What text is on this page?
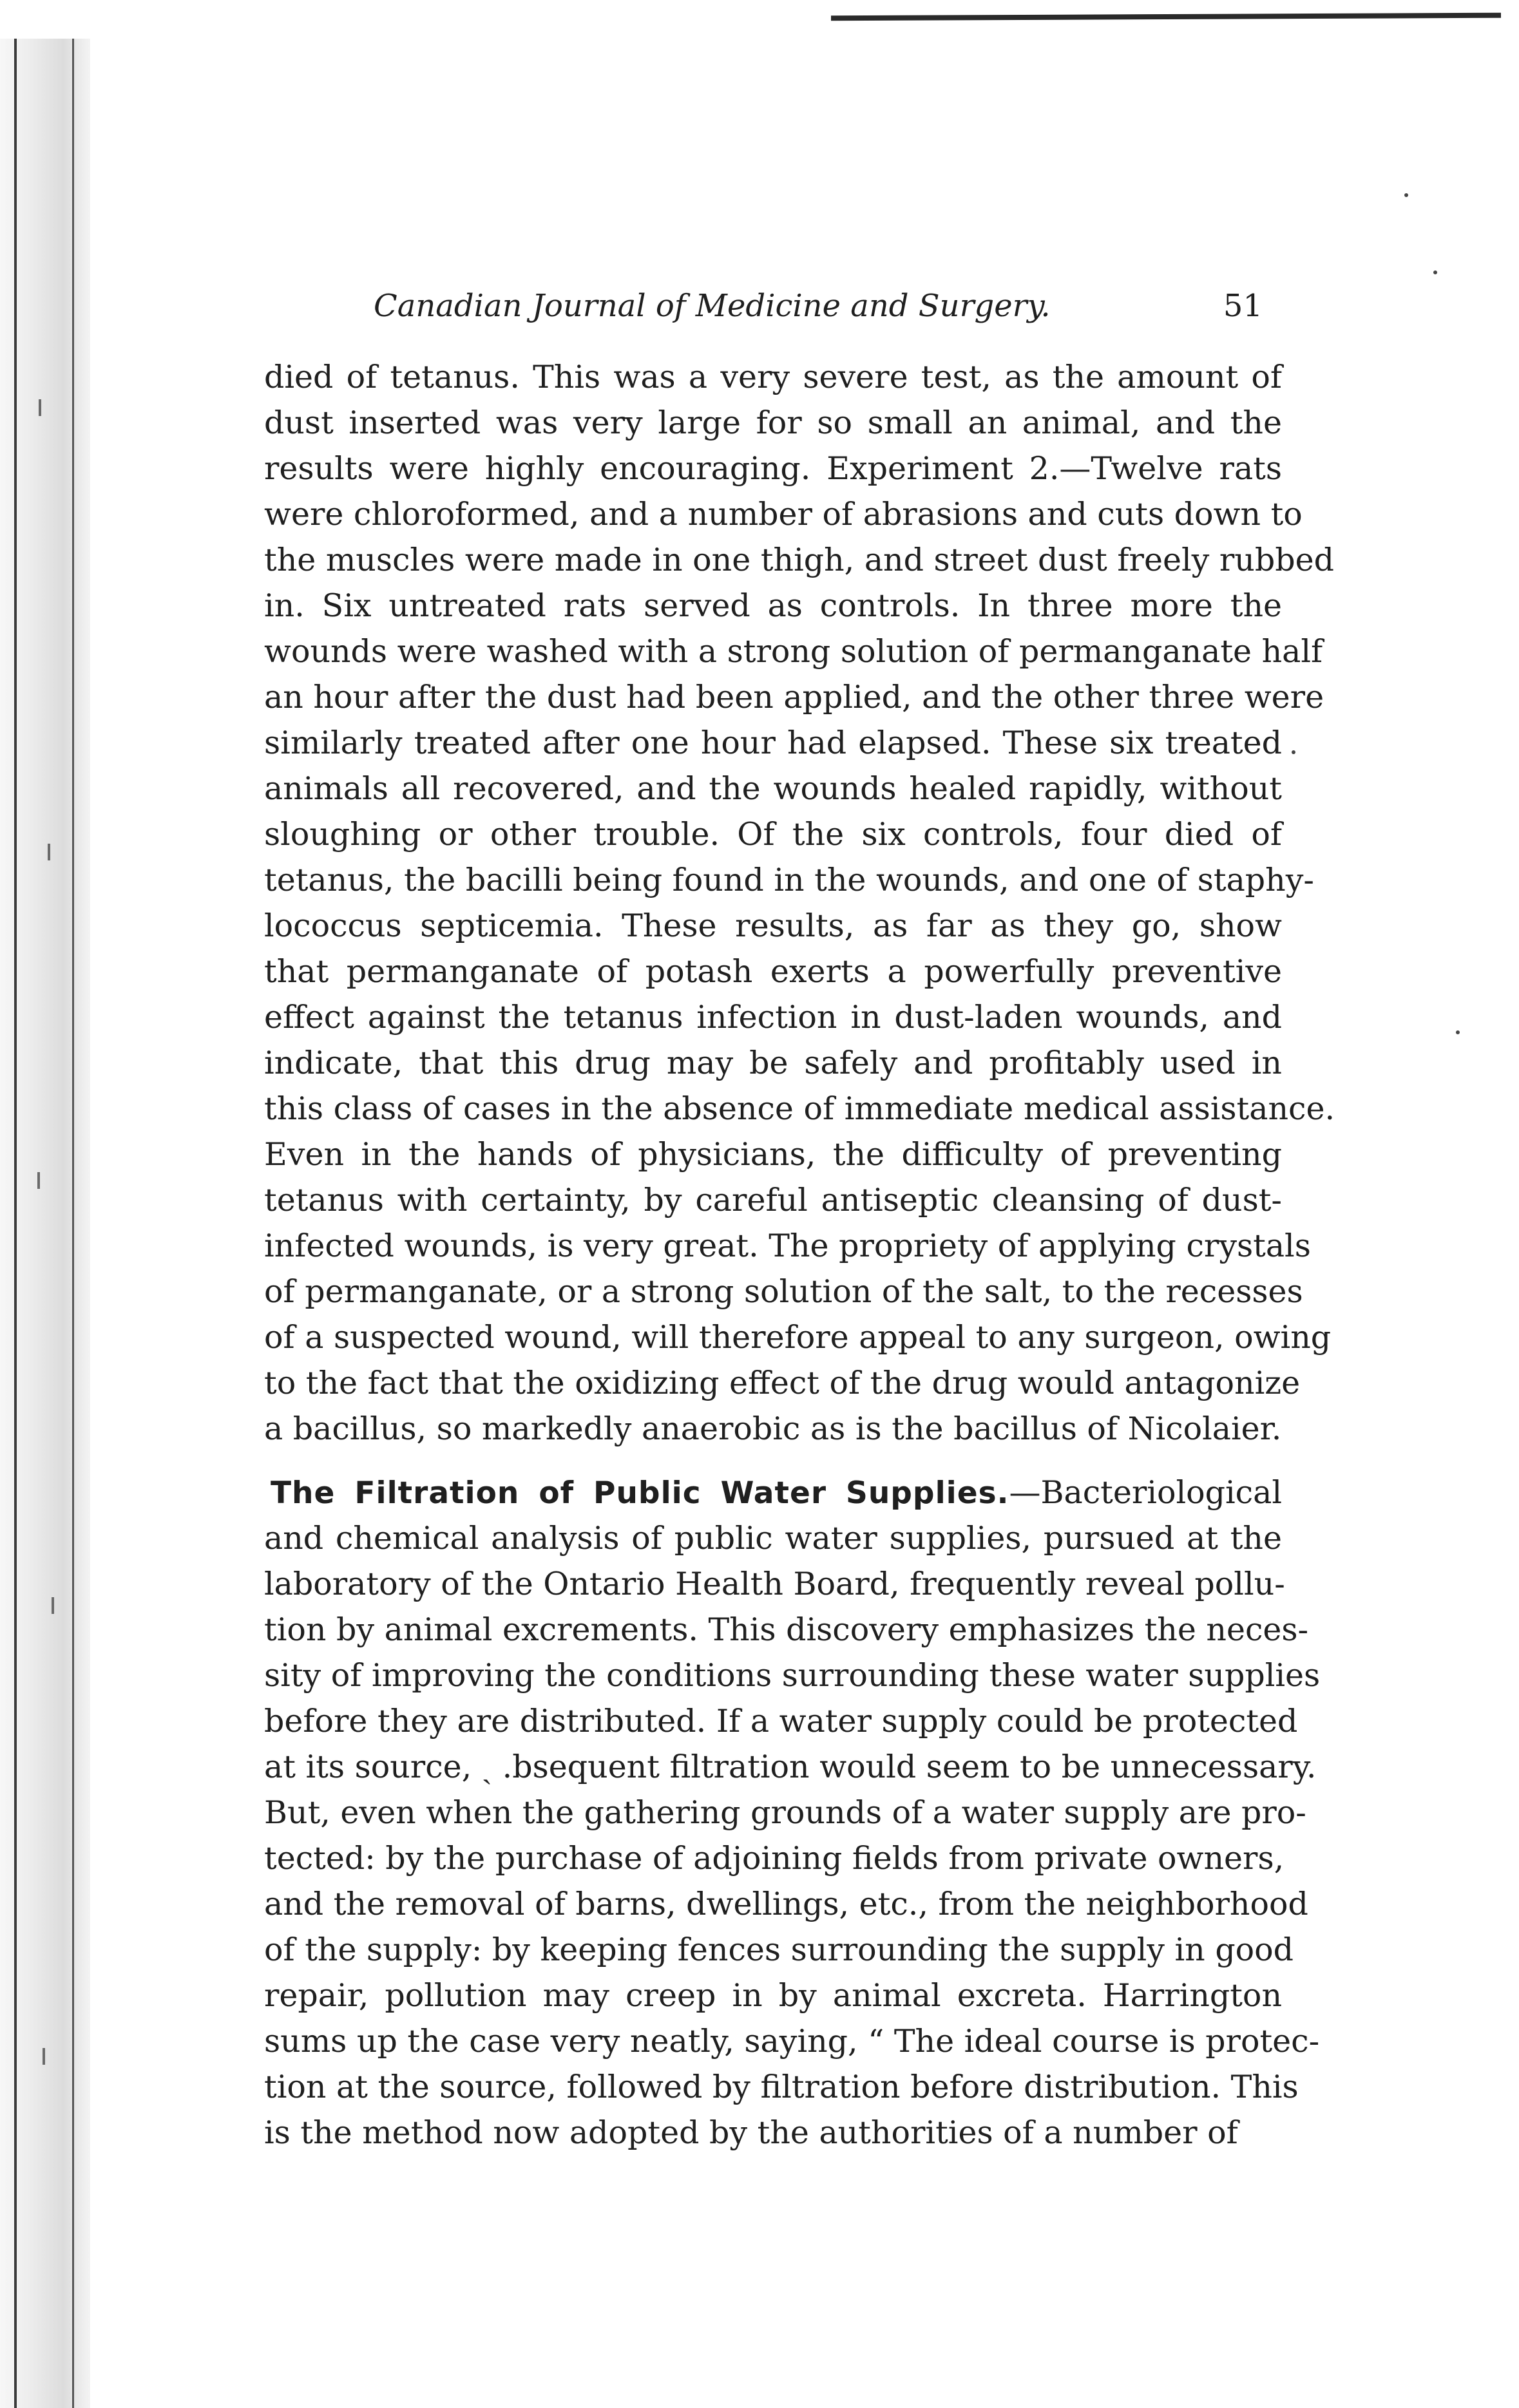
Canadian Journal of Medicine and Surgery.	51
died of tetanus. This was a very severe test, as the amount of
dust inserted was very large for so small an animal, and the
results were highly encouraging. Experiment 2.—Twelve rats
were chloroformed, and a number of abrasions and cuts down to
the muscles were made in one thigh, and street dust freely rubbed
in. Six untreated rats served as controls. In three more the
wounds were washed with a strong solution of permanganate half
an hour after the dust had been applied, and the other three were
similarly treated after one hour had elapsed. These six treated
animals all recovered, and the wounds healed rapidly, without
sloughing or other trouble. Of the six controls, four died of
tetanus, the bacilli being found in the wounds, and one of staphy-
lococcus septicemia. These results, as far as they go, show
that permanganate of potash exerts a powerfully preventive
effect against the tetanus infection in dust-laden wounds, and
indicate, that this drug may be safely and profitably used in
this class of cases in the absence of immediate medical assistance.
Even in the hands of physicians, the difficulty of preventing
tetanus with certainty, by careful antiseptic cleansing of dust-
infected wounds, is very great. The propriety of applying crystals
of permanganate, or a strong solution of the salt, to the recesses
of a suspected wound, will therefore appeal to any surgeon, owing
to the fact that the oxidizing effect of the drug would antagonize
a bacillus, so markedly anaerobic as is the bacillus of Nicolaier.
The Filtration of Public Water Supplies.—Bacteriological
and chemical analysis of public water supplies, pursued at the
laboratory of the Ontario Health Board, frequently reveal pollu-
tion by animal excrements. This discovery emphasizes the neces-
sity of improving the conditions surrounding these water supplies
before they are distributed. If a water supply could be protected
at its source, ˎ .bsequent filtration would seem to be unnecessary.
But, even when the gathering grounds of a water supply are pro-
tected: by the purchase of adjoining fields from private owners,
and the removal of barns, dwellings, etc., from the neighborhood
of the supply: by keeping fences surrounding the supply in good
repair, pollution may creep in by animal excreta. Harrington
sums up the case very neatly, saying, “ The ideal course is protec-
tion at the source, followed by filtration before distribution. This
is the method now adopted by the authorities of a number of
